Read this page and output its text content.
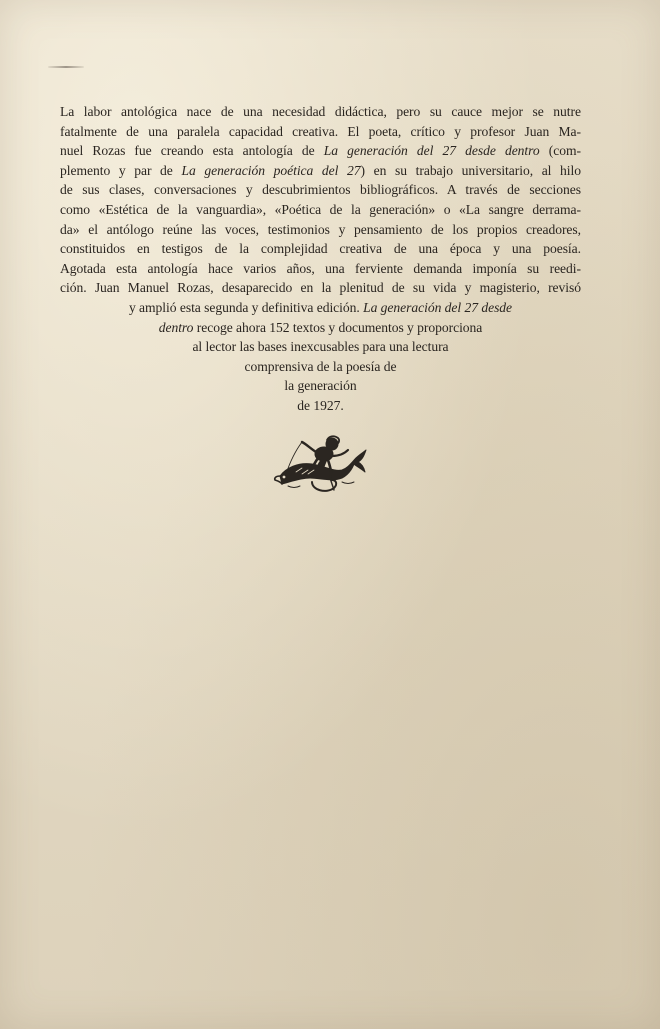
La labor antológica nace de una necesidad didáctica, pero su cauce mejor se nutre
fatalmente de una paralela capacidad creativa. El poeta, crítico y profesor Juan Ma-
nuel Rozas fue creando esta antología de La generación del 27 desde dentro (com-
plemento y par de La generación poética del 27) en su trabajo universitario, al hilo
de sus clases, conversaciones y descubrimientos bibliográficos. A través de secciones
como «Estética de la vanguardia», «Poética de la generación» o «La sangre derrama-
da» el antólogo reúne las voces, testimonios y pensamiento de los propios creadores,
constituidos en testigos de la complejidad creativa de una época y una poesía.
Agotada esta antología hace varios años, una ferviente demanda imponía su reedi-
ción. Juan Manuel Rozas, desaparecido en la plenitud de su vida y magisterio, revisó
y amplió esta segunda y definitiva edición. La generación del 27 desde
dentro recoge ahora 152 textos y documentos y proporciona
al lector las bases inexcusables para una lectura
comprensiva de la poesía de
la generación
de 1927.
